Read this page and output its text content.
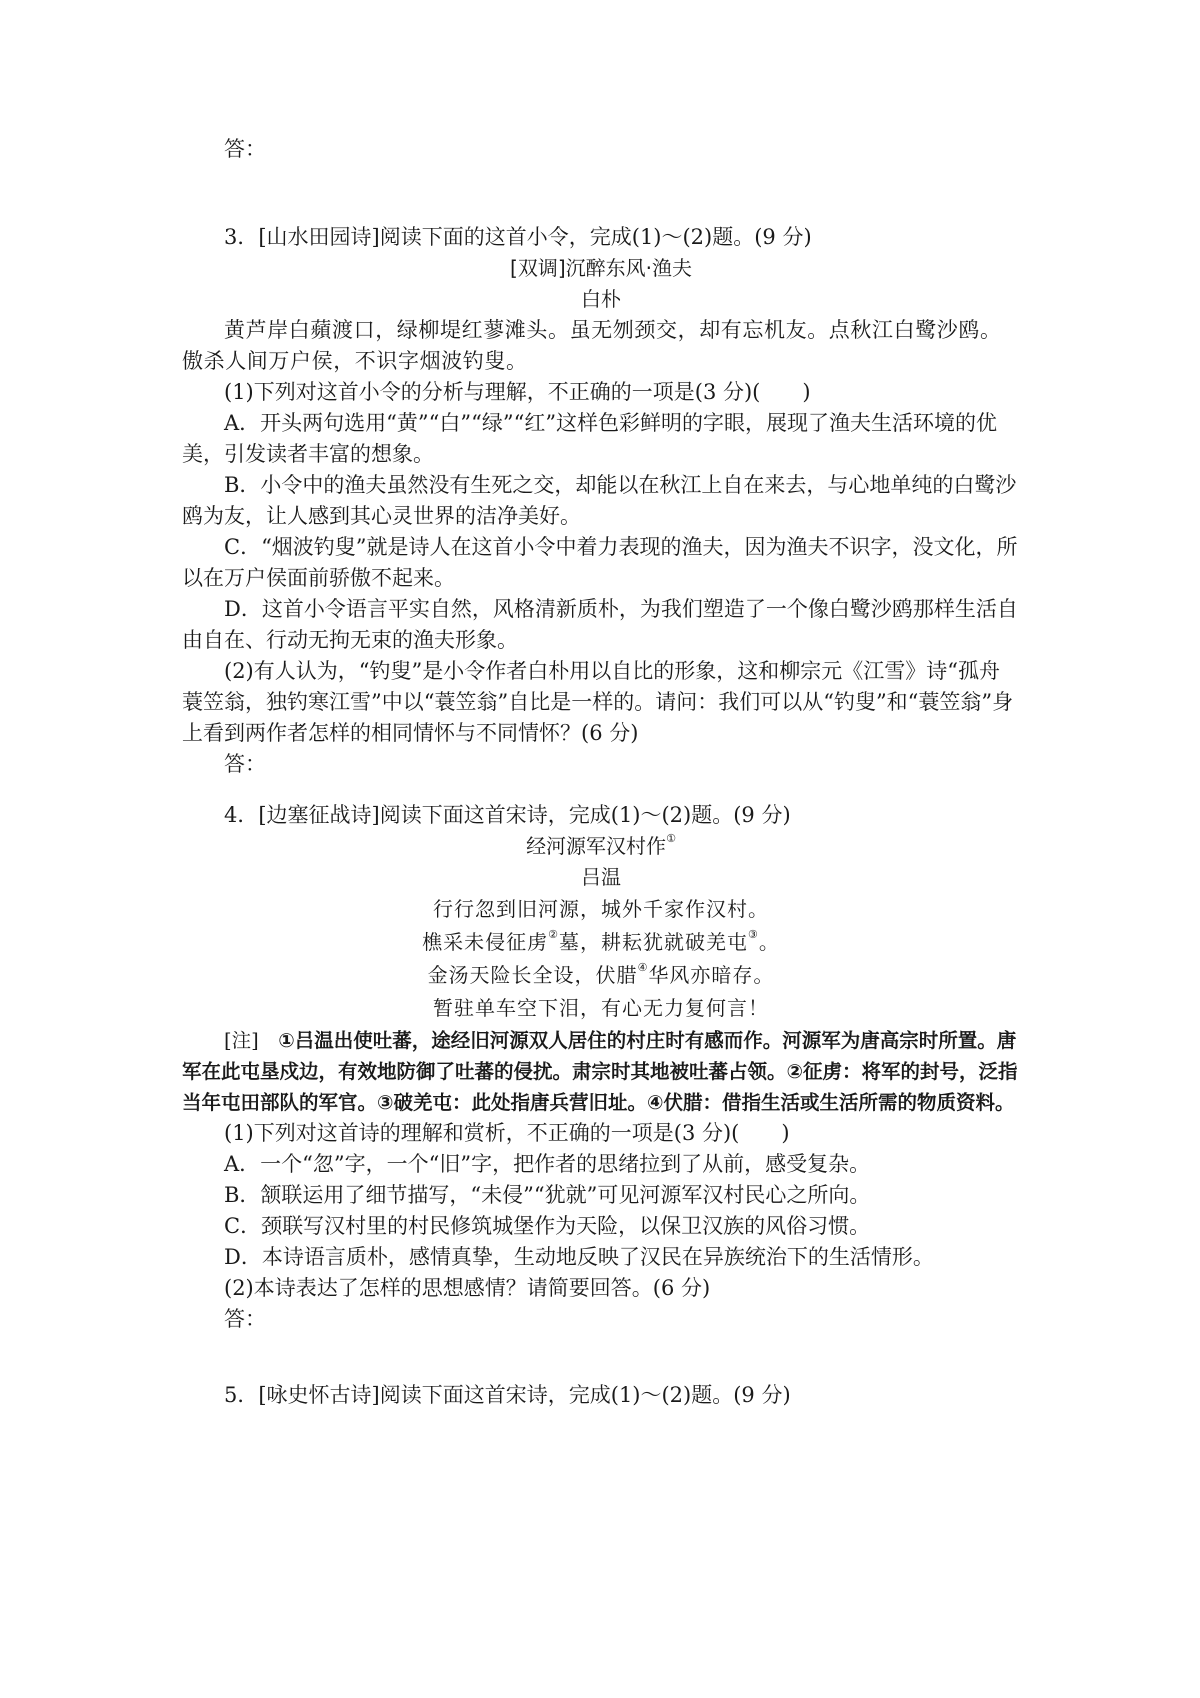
答：

3．[山水田园诗]阅读下面的这首小令，完成(1)～(2)题。(9 分)

[双调]沉醉东风·渔夫

白朴

黄芦岸白蘋渡口，绿柳堤红蓼滩头。虽无刎颈交，却有忘机友。点秋江白鹭沙鸥。傲杀人间万户侯，不识字烟波钓叟。

(1)下列对这首小令的分析与理解，不正确的一项是(3 分)(　　)

A．开头两句选用“黄”“白”“绿”“红”这样色彩鲜明的字眼，展现了渔夫生活环境的优美，引发读者丰富的想象。

B．小令中的渔夫虽然没有生死之交，却能以在秋江上自在来去，与心地单纯的白鹭沙鸥为友，让人感到其心灵世界的洁净美好。

C．“烟波钓叟”就是诗人在这首小令中着力表现的渔夫，因为渔夫不识字，没文化，所以在万户侯面前骄傲不起来。

D．这首小令语言平实自然，风格清新质朴，为我们塑造了一个像白鹭沙鸥那样生活自由自在、行动无拘无束的渔夫形象。

(2)有人认为，“钓叟”是小令作者白朴用以自比的形象，这和柳宗元《江雪》诗“孤舟蓑笠翁，独钓寒江雪”中以“蓑笠翁”自比是一样的。请问：我们可以从“钓叟”和“蓑笠翁”身上看到两作者怎样的相同情怀与不同情怀？(6 分)

答：

4．[边塞征战诗]阅读下面这首宋诗，完成(1)～(2)题。(9 分)

经河源军汉村作①

吕温

行行忽到旧河源，城外千家作汉村。

樵采未侵征虏②墓，耕耘犹就破羌屯③。

金汤天险长全设，伏腊④华风亦暗存。

暂驻单车空下泪，有心无力复何言！

[注]　 ①吕温出使吐蕃，途经旧河源双人居住的村庄时有感而作。河源军为唐高宗时所置。唐军在此屯垦戍边，有效地防御了吐蕃的侵扰。肃宗时其地被吐蕃占领。②征虏：将军的封号，泛指当年屯田部队的军官。③破羌屯：此处指唐兵营旧址。④伏腊：借指生活或生活所需的物质资料。

(1)下列对这首诗的理解和赏析，不正确的一项是(3 分)(　　)

A．一个“忽”字，一个“旧”字，把作者的思绪拉到了从前，感受复杂。

B．颔联运用了细节描写，“未侵”“犹就”可见河源军汉村民心之所向。

C．颈联写汉村里的村民修筑城堡作为天险，以保卫汉族的风俗习惯。

D．本诗语言质朴，感情真挚，生动地反映了汉民在异族统治下的生活情形。

(2)本诗表达了怎样的思想感情？请简要回答。(6 分)

答：

5．[咏史怀古诗]阅读下面这首宋诗，完成(1)～(2)题。(9 分)
